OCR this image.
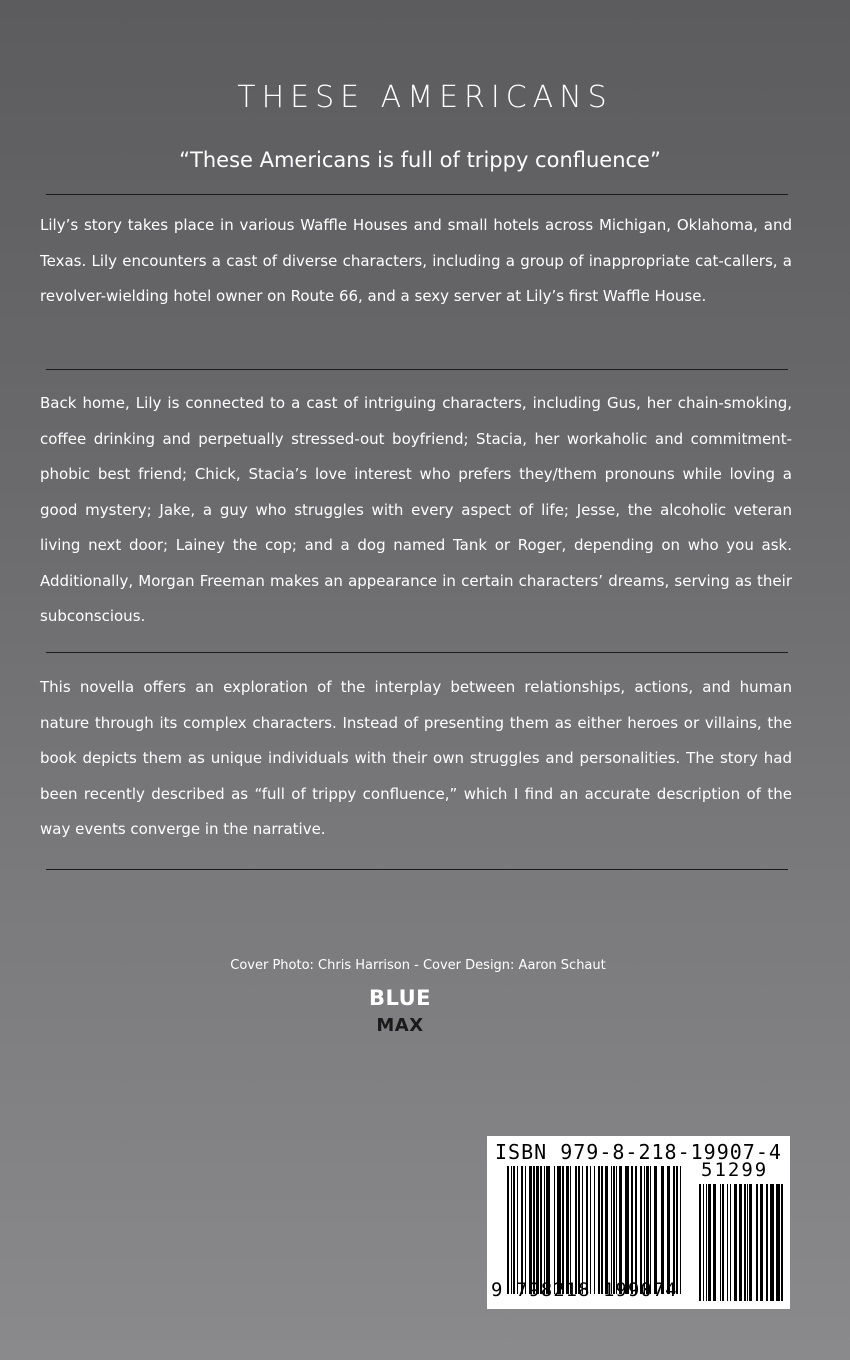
THESE AMERICANS
“These Americans is full of trippy confluence”

Lily’s story takes place in various Waffle Houses and small hotels across Michigan, Oklahoma, and Texas. Lily encounters a cast of diverse characters, including a group of inappropriate cat-callers, a revolver-wielding hotel owner on Route 66, and a sexy server at Lily’s first Waffle House.

Back home, Lily is connected to a cast of intriguing characters, including Gus, her chain-smoking, coffee drinking and perpetually stressed-out boyfriend; Stacia, her workaholic and commitment-phobic best friend; Chick, Stacia’s love interest who prefers they/them pronouns while loving a good mystery; Jake, a guy who struggles with every aspect of life; Jesse, the alcoholic veteran living next door; Lainey the cop; and a dog named Tank or Roger, depending on who you ask. Additionally, Morgan Freeman makes an appearance in certain characters’ dreams, serving as their subconscious.

This novella offers an exploration of the interplay between relationships, actions, and human nature through its complex characters. Instead of presenting them as either heroes or villains, the book depicts them as unique individuals with their own struggles and personalities. The story had been recently described as “full of trippy confluence,” which I find an accurate description of the way events converge in the narrative.

Cover Photo: Chris Harrison - Cover Design: Aaron Schaut
BLUE
MAX
ISBN 979-8-218-19907-4
51299
9 798218 199074
